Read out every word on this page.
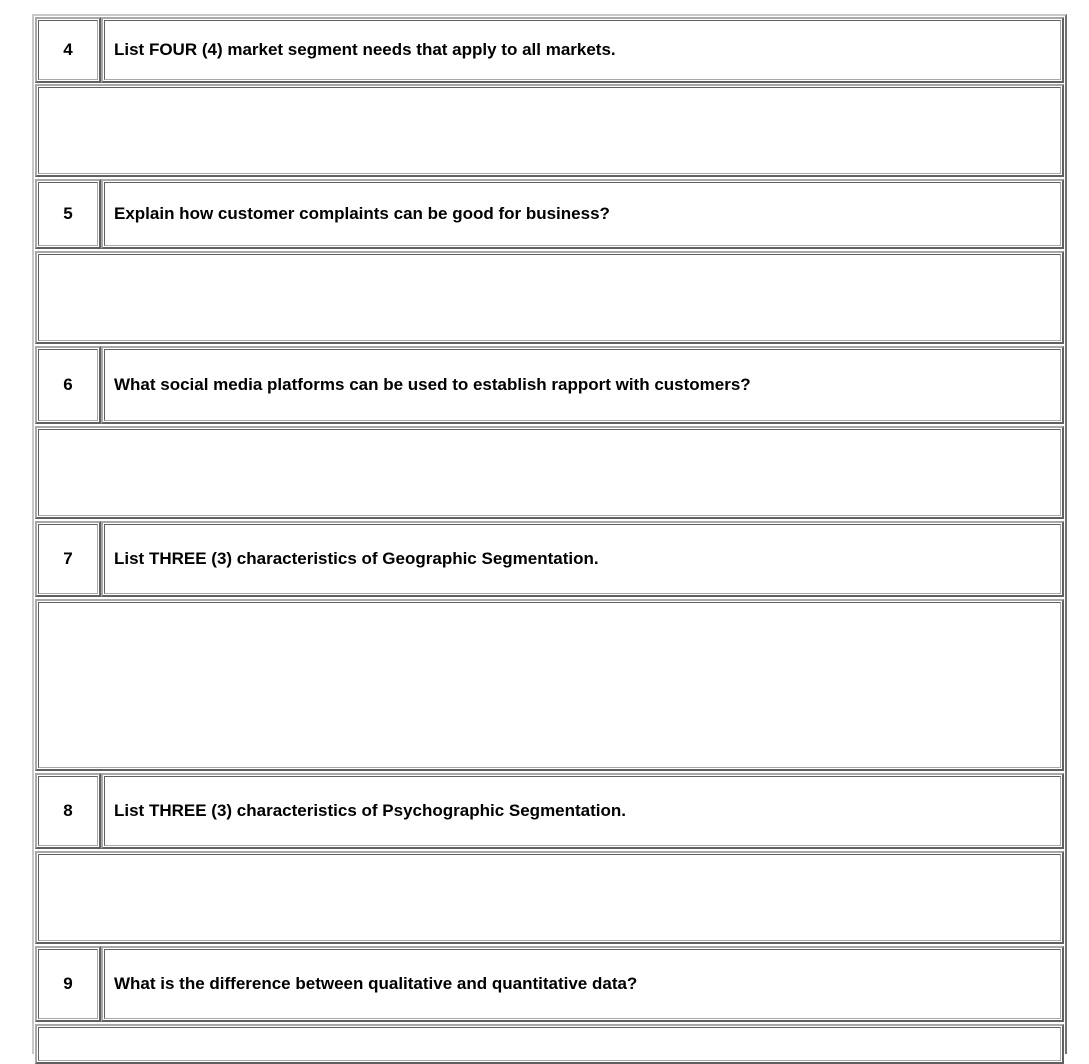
4 List FOUR (4) market segment needs that apply to all markets.
5 Explain how customer complaints can be good for business?
6 What social media platforms can be used to establish rapport with customers?
7 List THREE (3) characteristics of Geographic Segmentation.
8 List THREE (3) characteristics of Psychographic Segmentation.
9 What is the difference between qualitative and quantitative data?
